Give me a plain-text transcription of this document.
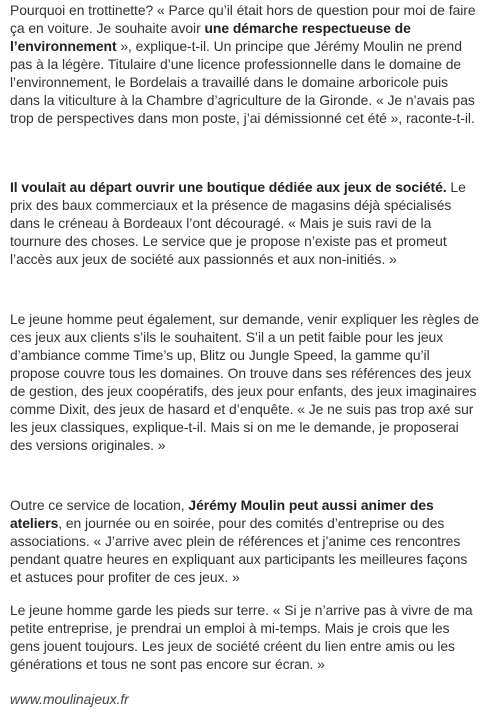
Pourquoi en trottinette? « Parce qu’il était hors de question pour moi de faire ça en voiture. Je souhaite avoir une démarche respectueuse de l’environnement », explique-t-il. Un principe que Jérémy Moulin ne prend pas à la légère. Titulaire d’une licence professionnelle dans le domaine de l’environnement, le Bordelais a travaillé dans le domaine arboricole puis dans la viticulture à la Chambre d’agriculture de la Gironde. « Je n’avais pas trop de perspectives dans mon poste, j’ai démissionné cet été », raconte-t-il.

Il voulait au départ ouvrir une boutique dédiée aux jeux de société. Le prix des baux commerciaux et la présence de magasins déjà spécialisés dans le créneau à Bordeaux l’ont découragé. « Mais je suis ravi de la tournure des choses. Le service que je propose n’existe pas et promeut l’accès aux jeux de société aux passionnés et aux non-initiés. »

Le jeune homme peut également, sur demande, venir expliquer les règles de ces jeux aux clients s’ils le souhaitent. S’il a un petit faible pour les jeux d’ambiance comme Time’s up, Blitz ou Jungle Speed, la gamme qu’il propose couvre tous les domaines. On trouve dans ses références des jeux de gestion, des jeux coopératifs, des jeux pour enfants, des jeux imaginaires comme Dixit, des jeux de hasard et d’enquête. « Je ne suis pas trop axé sur les jeux classiques, explique-t-il. Mais si on me le demande, je proposerai des versions originales. »

Outre ce service de location, Jérémy Moulin peut aussi animer des ateliers, en journée ou en soirée, pour des comités d’entreprise ou des associations. « J’arrive avec plein de références et j’anime ces rencontres pendant quatre heures en expliquant aux participants les meilleures façons et astuces pour profiter de ces jeux. »

Le jeune homme garde les pieds sur terre. « Si je n’arrive pas à vivre de ma petite entreprise, je prendrai un emploi à mi-temps. Mais je crois que les gens jouent toujours. Les jeux de société créent du lien entre amis ou les générations et tous ne sont pas encore sur écran. »

www.moulinajeux.fr
